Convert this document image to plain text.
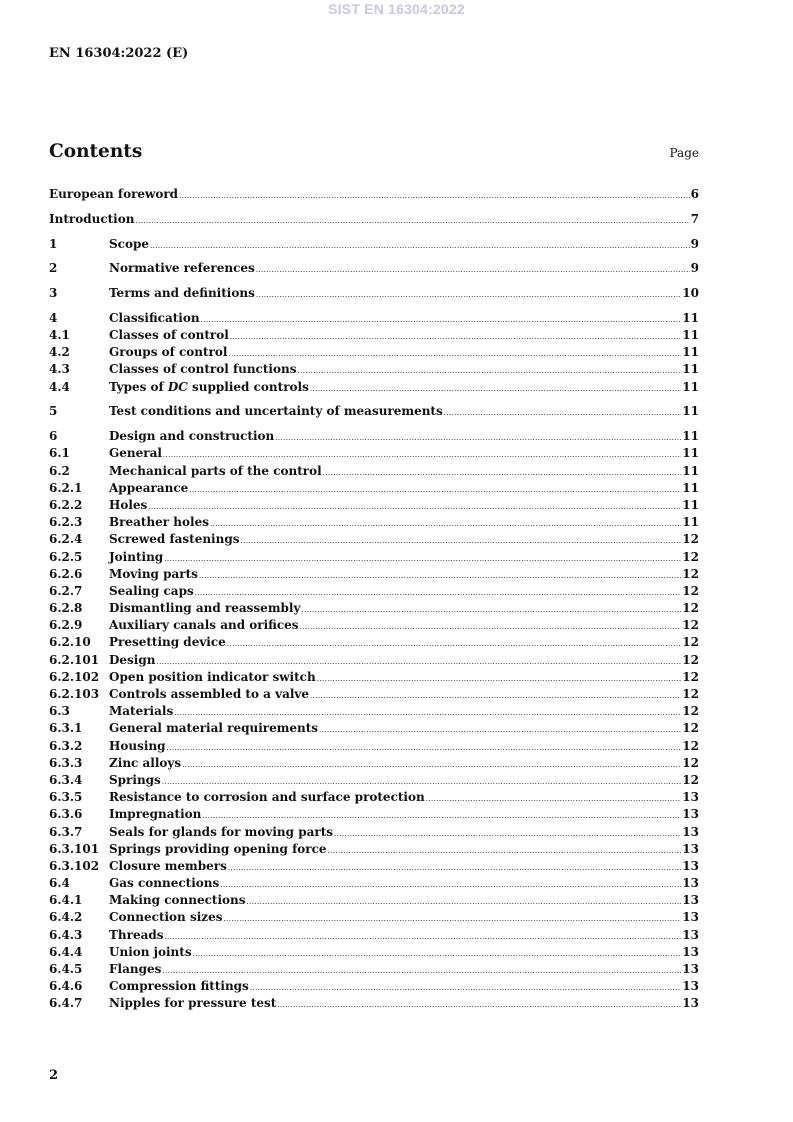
SIST EN 16304:2022
EN 16304:2022 (E)
Contents	Page
European foreword .....	6
Introduction .....	7
1	Scope .....	9
2	Normative references .....	9
3	Terms and definitions .....	10
4	Classification .....	11
4.1	Classes of control .....	11
4.2	Groups of control .....	11
4.3	Classes of control functions .....	11
4.4	Types of DC supplied controls .....	11
5	Test conditions and uncertainty of measurements .....	11
6	Design and construction .....	11
6.1	General .....	11
6.2	Mechanical parts of the control .....	11
6.2.1	Appearance .....	11
6.2.2	Holes .....	11
6.2.3	Breather holes .....	11
6.2.4	Screwed fastenings .....	12
6.2.5	Jointing .....	12
6.2.6	Moving parts .....	12
6.2.7	Sealing caps .....	12
6.2.8	Dismantling and reassembly .....	12
6.2.9	Auxiliary canals and orifices .....	12
6.2.10	Presetting device .....	12
6.2.101 Design .....	12
6.2.102 Open position indicator switch .....	12
6.2.103 Controls assembled to a valve .....	12
6.3	Materials .....	12
6.3.1	General material requirements .....	12
6.3.2	Housing .....	12
6.3.3	Zinc alloys .....	12
6.3.4	Springs .....	12
6.3.5	Resistance to corrosion and surface protection .....	13
6.3.6	Impregnation .....	13
6.3.7	Seals for glands for moving parts .....	13
6.3.101 Springs providing opening force .....	13
6.3.102 Closure members .....	13
6.4	Gas connections .....	13
6.4.1	Making connections .....	13
6.4.2	Connection sizes .....	13
6.4.3	Threads .....	13
6.4.4	Union joints .....	13
6.4.5	Flanges .....	13
6.4.6	Compression fittings .....	13
6.4.7	Nipples for pressure test .....	13
2
